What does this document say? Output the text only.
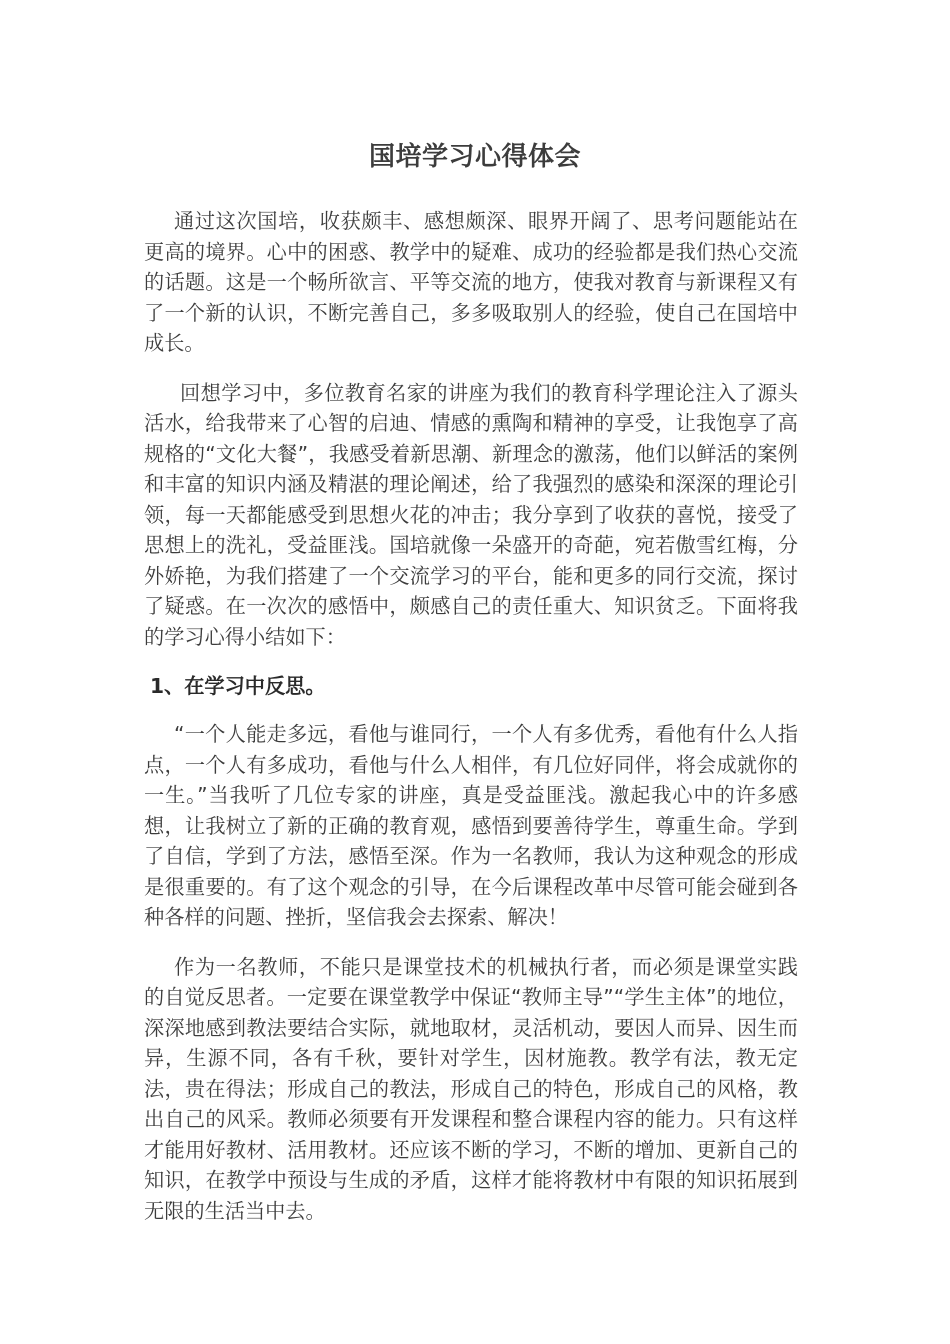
国培学习心得体会

通过这次国培，收获颇丰、感想颇深、眼界开阔了、思考问题能站在更高的境界。心中的困惑、教学中的疑难、成功的经验都是我们热心交流的话题。这是一个畅所欲言、平等交流的地方，使我对教育与新课程又有了一个新的认识，不断完善自己，多多吸取别人的经验，使自己在国培中成长。

回想学习中，多位教育名家的讲座为我们的教育科学理论注入了源头活水，给我带来了心智的启迪、情感的熏陶和精神的享受，让我饱享了高规格的“文化大餐”，我感受着新思潮、新理念的激荡，他们以鲜活的案例和丰富的知识内涵及精湛的理论阐述，给了我强烈的感染和深深的理论引领，每一天都能感受到思想火花的冲击；我分享到了收获的喜悦，接受了思想上的洗礼，受益匪浅。国培就像一朵盛开的奇葩，宛若傲雪红梅，分外娇艳，为我们搭建了一个交流学习的平台，能和更多的同行交流，探讨了疑惑。在一次次的感悟中，颇感自己的责任重大、知识贫乏。下面将我的学习心得小结如下：

1、在学习中反思。

“一个人能走多远，看他与谁同行，一个人有多优秀，看他有什么人指点，一个人有多成功，看他与什么人相伴，有几位好同伴，将会成就你的一生。”当我听了几位专家的讲座，真是受益匪浅。激起我心中的许多感想，让我树立了新的正确的教育观，感悟到要善待学生，尊重生命。学到了自信，学到了方法，感悟至深。作为一名教师，我认为这种观念的形成是很重要的。有了这个观念的引导，在今后课程改革中尽管可能会碰到各种各样的问题、挫折，坚信我会去探索、解决！

作为一名教师，不能只是课堂技术的机械执行者，而必须是课堂实践的自觉反思者。一定要在课堂教学中保证“教师主导”“学生主体”的地位，深深地感到教法要结合实际，就地取材，灵活机动，要因人而异、因生而异，生源不同，各有千秋，要针对学生，因材施教。教学有法，教无定法，贵在得法；形成自己的教法，形成自己的特色，形成自己的风格，教出自己的风采。教师必须要有开发课程和整合课程内容的能力。只有这样才能用好教材、活用教材。还应该不断的学习，不断的增加、更新自己的知识，在教学中预设与生成的矛盾，这样才能将教材中有限的知识拓展到无限的生活当中去。
